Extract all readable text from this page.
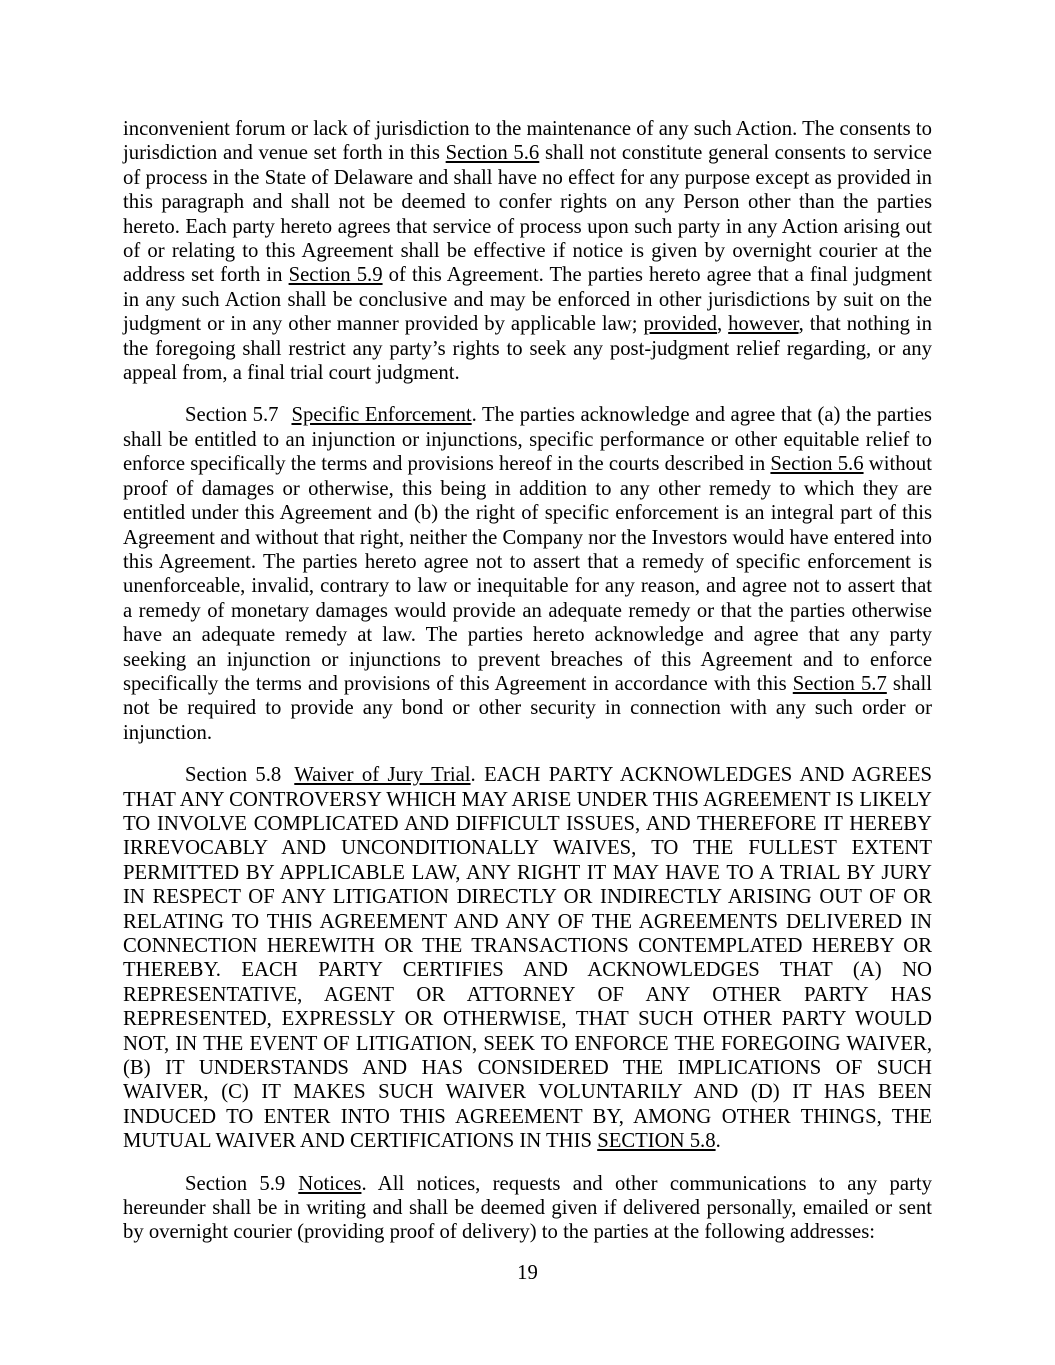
inconvenient forum or lack of jurisdiction to the maintenance of any such Action. The consents to jurisdiction and venue set forth in this Section 5.6 shall not constitute general consents to service of process in the State of Delaware and shall have no effect for any purpose except as provided in this paragraph and shall not be deemed to confer rights on any Person other than the parties hereto. Each party hereto agrees that service of process upon such party in any Action arising out of or relating to this Agreement shall be effective if notice is given by overnight courier at the address set forth in Section 5.9 of this Agreement. The parties hereto agree that a final judgment in any such Action shall be conclusive and may be enforced in other jurisdictions by suit on the judgment or in any other manner provided by applicable law; provided, however, that nothing in the foregoing shall restrict any party’s rights to seek any post-judgment relief regarding, or any appeal from, a final trial court judgment.

Section 5.7 Specific Enforcement. The parties acknowledge and agree that (a) the parties shall be entitled to an injunction or injunctions, specific performance or other equitable relief to enforce specifically the terms and provisions hereof in the courts described in Section 5.6 without proof of damages or otherwise, this being in addition to any other remedy to which they are entitled under this Agreement and (b) the right of specific enforcement is an integral part of this Agreement and without that right, neither the Company nor the Investors would have entered into this Agreement. The parties hereto agree not to assert that a remedy of specific enforcement is unenforceable, invalid, contrary to law or inequitable for any reason, and agree not to assert that a remedy of monetary damages would provide an adequate remedy or that the parties otherwise have an adequate remedy at law. The parties hereto acknowledge and agree that any party seeking an injunction or injunctions to prevent breaches of this Agreement and to enforce specifically the terms and provisions of this Agreement in accordance with this Section 5.7 shall not be required to provide any bond or other security in connection with any such order or injunction.

Section 5.8 Waiver of Jury Trial. EACH PARTY ACKNOWLEDGES AND AGREES THAT ANY CONTROVERSY WHICH MAY ARISE UNDER THIS AGREEMENT IS LIKELY TO INVOLVE COMPLICATED AND DIFFICULT ISSUES, AND THEREFORE IT HEREBY IRREVOCABLY AND UNCONDITIONALLY WAIVES, TO THE FULLEST EXTENT PERMITTED BY APPLICABLE LAW, ANY RIGHT IT MAY HAVE TO A TRIAL BY JURY IN RESPECT OF ANY LITIGATION DIRECTLY OR INDIRECTLY ARISING OUT OF OR RELATING TO THIS AGREEMENT AND ANY OF THE AGREEMENTS DELIVERED IN CONNECTION HEREWITH OR THE TRANSACTIONS CONTEMPLATED HEREBY OR THEREBY. EACH PARTY CERTIFIES AND ACKNOWLEDGES THAT (A) NO REPRESENTATIVE, AGENT OR ATTORNEY OF ANY OTHER PARTY HAS REPRESENTED, EXPRESSLY OR OTHERWISE, THAT SUCH OTHER PARTY WOULD NOT, IN THE EVENT OF LITIGATION, SEEK TO ENFORCE THE FOREGOING WAIVER, (B) IT UNDERSTANDS AND HAS CONSIDERED THE IMPLICATIONS OF SUCH WAIVER, (C) IT MAKES SUCH WAIVER VOLUNTARILY AND (D) IT HAS BEEN INDUCED TO ENTER INTO THIS AGREEMENT BY, AMONG OTHER THINGS, THE MUTUAL WAIVER AND CERTIFICATIONS IN THIS SECTION 5.8.

Section 5.9 Notices. All notices, requests and other communications to any party hereunder shall be in writing and shall be deemed given if delivered personally, emailed or sent by overnight courier (providing proof of delivery) to the parties at the following addresses:

19
